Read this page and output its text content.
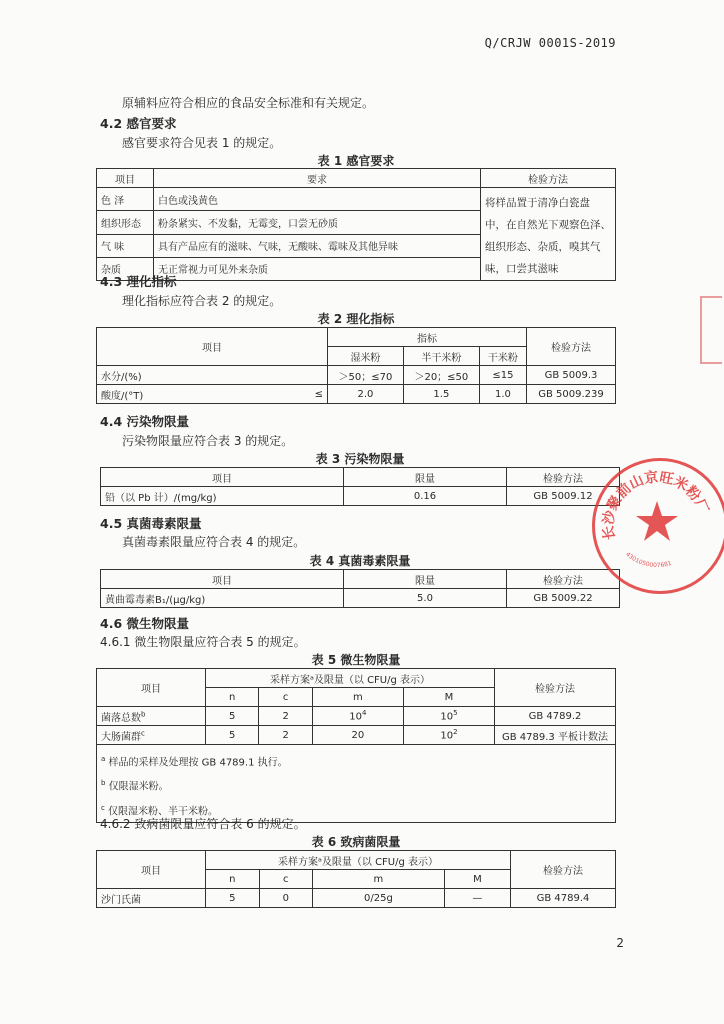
Q/CRJW 0001S-2019
原辅料应符合相应的食品安全标准和有关规定。
4.2 感官要求
感官要求符合见表 1 的规定。
表 1 感官要求
项目	要求	检验方法
色 泽	白色或浅黄色	将样品置于清净白瓷盘
中，在自然光下观察色泽、
组织形态、杂质，嗅其气
味，口尝其滋味

组织形态	粉条紧实、不发黏，无霉变，口尝无砂质	
气 味	具有产品应有的滋味、气味，无酸味、霉味及其他异味	
杂质	无正常视力可见外来杂质	
4.3 理化指标
理化指标应符合表 2 的规定。
表 2 理化指标
项目		指标			检验方法
		湿米粉	半干米粉	干米粉	
水分/(%)		＞50；≤70	＞20；≤50	≤15	GB 5009.3
酸度/(°T)	≤	2.0	1.5	1.0	GB 5009.239
4.4 污染物限量
污染物限量应符合表 3 的规定。
表 3 污染物限量
项目	限量	检验方法
铅（以 Pb 计）/(mg/kg)	0.16	GB 5009.12
4.5 真菌毒素限量
真菌毒素限量应符合表 4 的规定。
表 4 真菌毒素限量
项目	限量	检验方法
黄曲霉毒素B₁/(μg/kg)	5.0	GB 5009.22
4.6 微生物限量
4.6.1 微生物限量应符合表 5 的规定。
表 5 微生物限量
项目	采样方案ᵃ及限量（以 CFU/g 表示）				检验方法
	n	c	m	M	
菌落总数$^b$	5	2	$10^4$	$10^5$	GB 4789.2
大肠菌群$^c$	5	2	20	$10^2$	GB 4789.3 平板计数法

$^a$ 样品的采样及处理按 GB 4789.1 执行。
$^b$ 仅限湿米粉。
$^c$ 仅限湿米粉、半干米粉。					
4.6.2 致病菌限量应符合表 6 的规定。
表 6 致病菌限量
项目	采样方案ᵃ及限量（以 CFU/g 表示）				检验方法
	n	c	m	M	
沙门氏菌	5	0	0/25g	—	GB 4789.4
2
长沙聚前山京旺米粉厂
4301050007681
